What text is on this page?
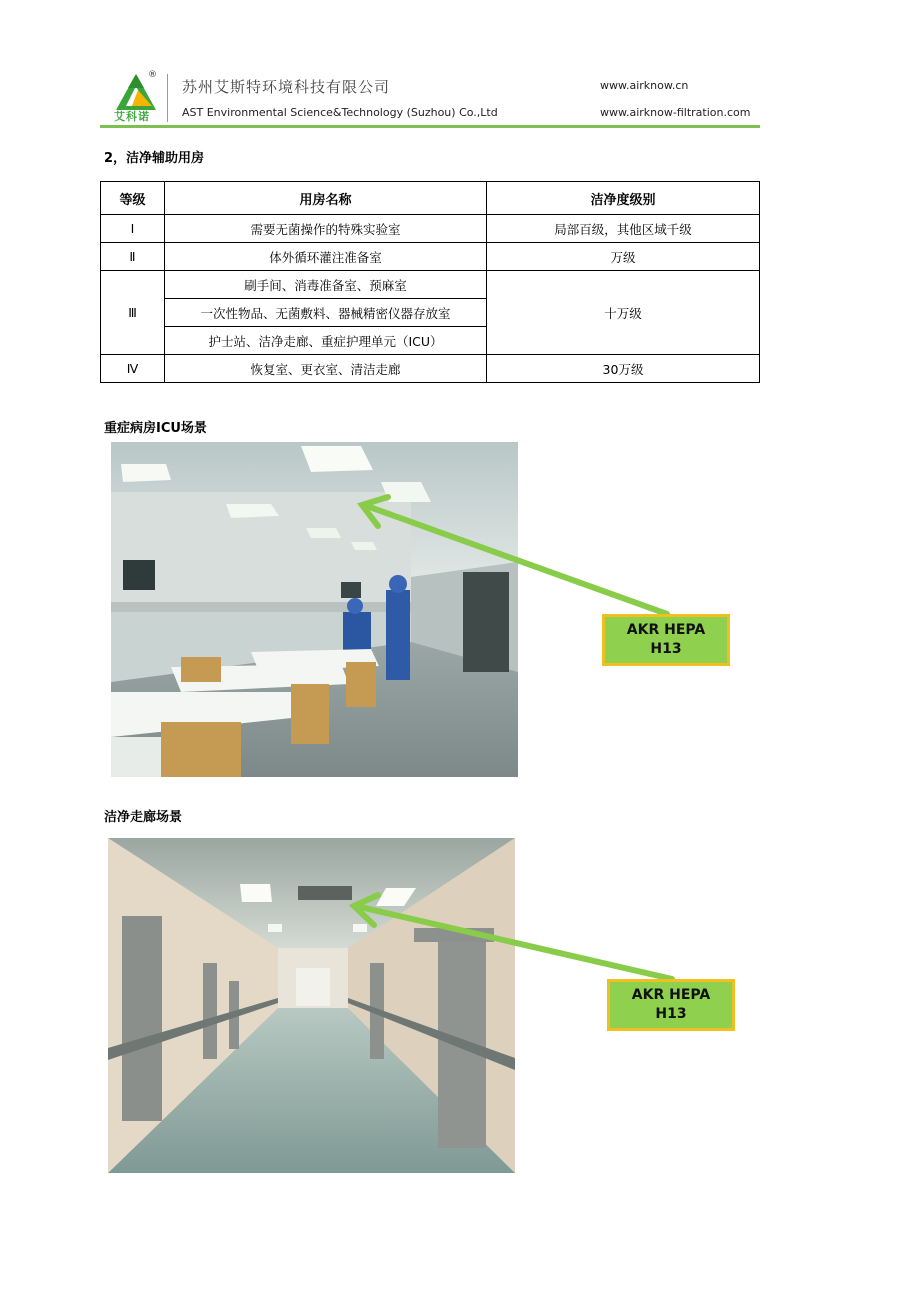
®
艾科诺
苏州艾斯特环境科技有限公司
AST Environmental Science&Technology (Suzhou) Co.,Ltd
www.airknow.cn
www.airknow-filtration.com
2，洁净辅助用房
等级	用房名称	洁净度级别
Ⅰ	需要无菌操作的特殊实验室	局部百级，其他区域千级
Ⅱ	体外循环灌注准备室	万级
Ⅲ	刷手间、消毒准备室、预麻室	十万级
	一次性物品、无菌敷料、器械精密仪器存放室	
	护士站、洁净走廊、重症护理单元（ICU）	
Ⅳ	恢复室、更衣室、清洁走廊	30万级
重症病房ICU场景
洁净走廊场景
AKR HEPA
H13
AKR HEPA
H13
